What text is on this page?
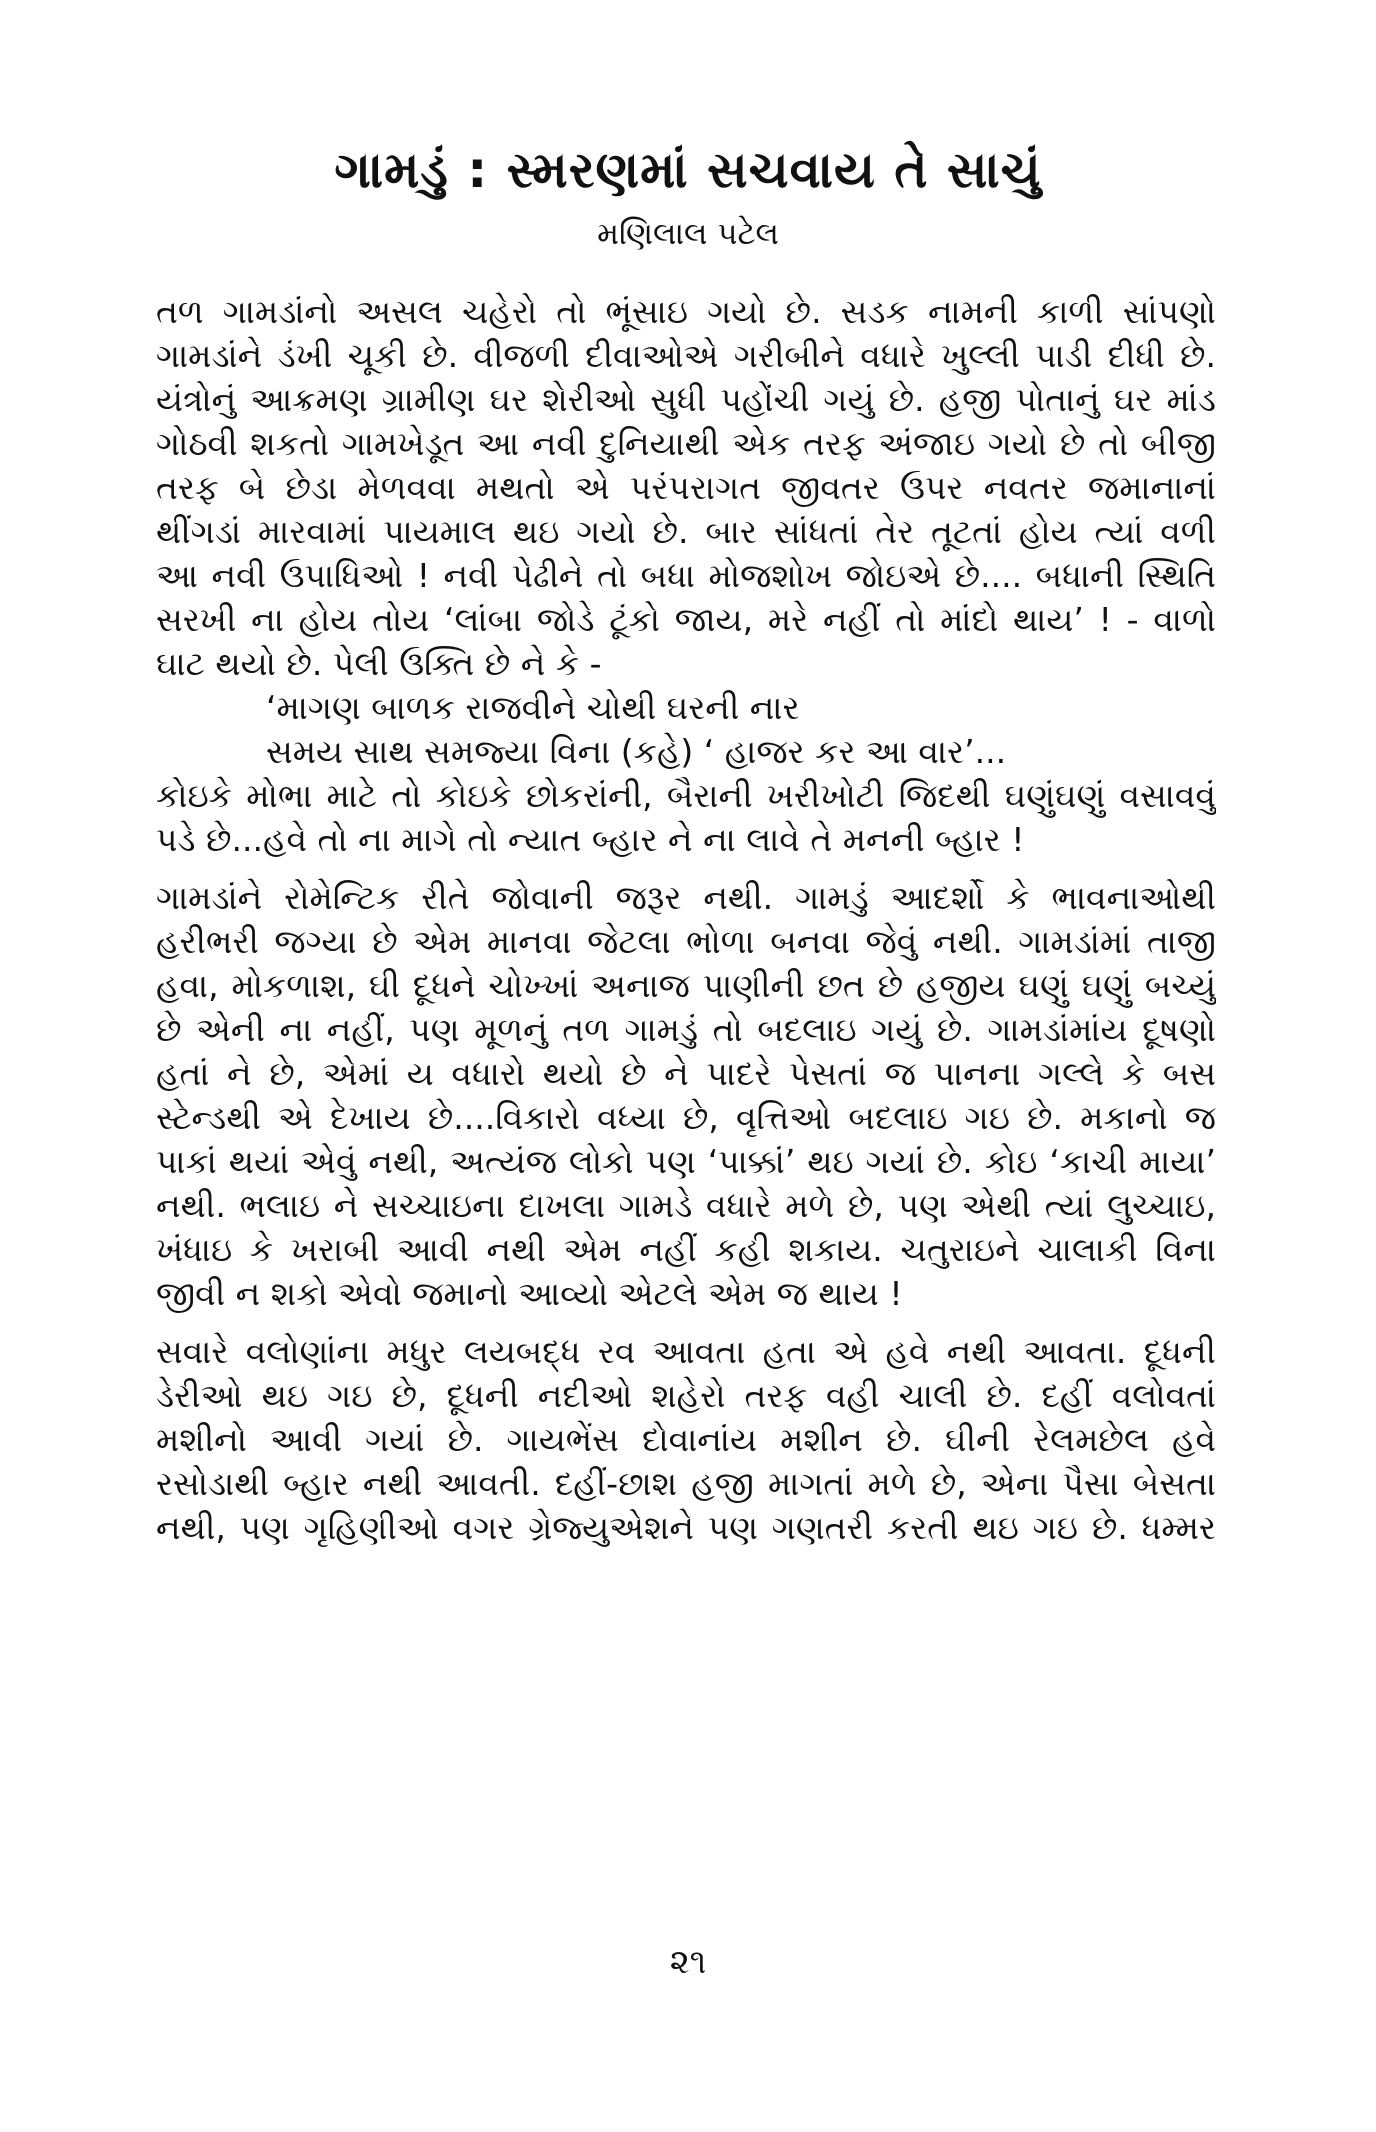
ગામડું : સ્મરણમાં સચવાય તે સાચું
મણિલાલ પટેલ
તળ ગામડાંનો અસલ ચહેરો તો ભૂંસાઇ ગયો છે. સડક નામની કાળી સાંપણો
ગામડાંને ડંખી ચૂકી છે. વીજળી દીવાઓએ ગરીબીને વધારે ખુલ્લી પાડી દીધી છે.
યંત્રોનું આક્રમણ ગ્રામીણ ઘર શેરીઓ સુધી પહોંચી ગયું છે. હજી પોતાનું ઘર માંડ
ગોઠવી શકતો ગામખેડૂત આ નવી દુનિયાથી એક તરફ અંજાઇ ગયો છે તો બીજી
તરફ બે છેડા મેળવવા મથતો એ પરંપરાગત જીવતર ઉપર નવતર જમાનાનાં
થીંગડાં મારવામાં પાયમાલ થઇ ગયો છે. બાર સાંધતાં તેર તૂટતાં હોય ત્યાં વળી
આ નવી ઉપાધિઓ ! નવી પેઢીને તો બધા મોજશોખ જોઇએ છે.... બધાની સ્થિતિ
સરખી ના હોય તોય ‘લાંબા જોડે ટૂંકો જાય, મરે નહીં તો માંદો થાય’ ! - વાળો
ઘાટ થયો છે. પેલી ઉક્તિ છે ને કે -
‘માગણ બાળક રાજવીને ચોથી ઘરની નાર
સમય સાથ સમજ્યા વિના (કહે) ‘ હાજર કર આ વાર’...
કોઇકે મોભા માટે તો કોઇકે છોકરાંની, બૈરાની ખરીખોટી જિદથી ઘણુંઘણું વસાવવું
પડે છે...હવે તો ના માગે તો ન્યાત બ્હાર ને ના લાવે તે મનની બ્હાર !
ગામડાંને રોમેન્ટિક રીતે જોવાની જરૂર નથી. ગામડું આદર્શો કે ભાવનાઓથી
હરીભરી જગ્યા છે એમ માનવા જેટલા ભોળા બનવા જેવું નથી. ગામડાંમાં તાજી
હવા, મોકળાશ, ઘી દૂધને ચોખ્ખાં અનાજ પાણીની છત છે હજીય ઘણું ઘણું બચ્યું
છે એની ના નહીં, પણ મૂળનું તળ ગામડું તો બદલાઇ ગયું છે. ગામડાંમાંય દૂષણો
હતાં ને છે, એમાં ય વધારો થયો છે ને પાદરે પેસતાં જ પાનના ગલ્લે કે બસ
સ્ટેન્ડથી એ દેખાય છે....વિકારો વધ્યા છે, વૃત્તિઓ બદલાઇ ગઇ છે. મકાનો જ
પાકાં થયાં એવું નથી, અત્યંજ લોકો પણ ‘પાક્કાં’ થઇ ગયાં છે. કોઇ ‘કાચી માયા’
નથી. ભલાઇ ને સચ્ચાઇના દાખલા ગામડે વધારે મળે છે, પણ એથી ત્યાં લુચ્ચાઇ,
ખંધાઇ કે ખરાબી આવી નથી એમ નહીં કહી શકાય. ચતુરાઇને ચાલાકી વિના
જીવી ન શકો એવો જમાનો આવ્યો એટલે એમ જ થાય !
સવારે વલોણાંના મધુર લયબદ્ધ રવ આવતા હતા એ હવે નથી આવતા. દૂધની
ડેરીઓ થઇ ગઇ છે, દૂધની નદીઓ શહેરો તરફ વહી ચાલી છે. દહીં વલોવતાં
મશીનો આવી ગયાં છે. ગાયભેંસ દોવાનાંય મશીન છે. ઘીની રેલમછેલ હવે
રસોડાથી બ્હાર નથી આવતી. દહીં-છાશ હજી માગતાં મળે છે, એના પૈસા બેસતા
નથી, પણ ગૃહિણીઓ વગર ગ્રેજ્યુએશને પણ ગણતરી કરતી થઇ ગઇ છે. ધમ્મર
૨૧
